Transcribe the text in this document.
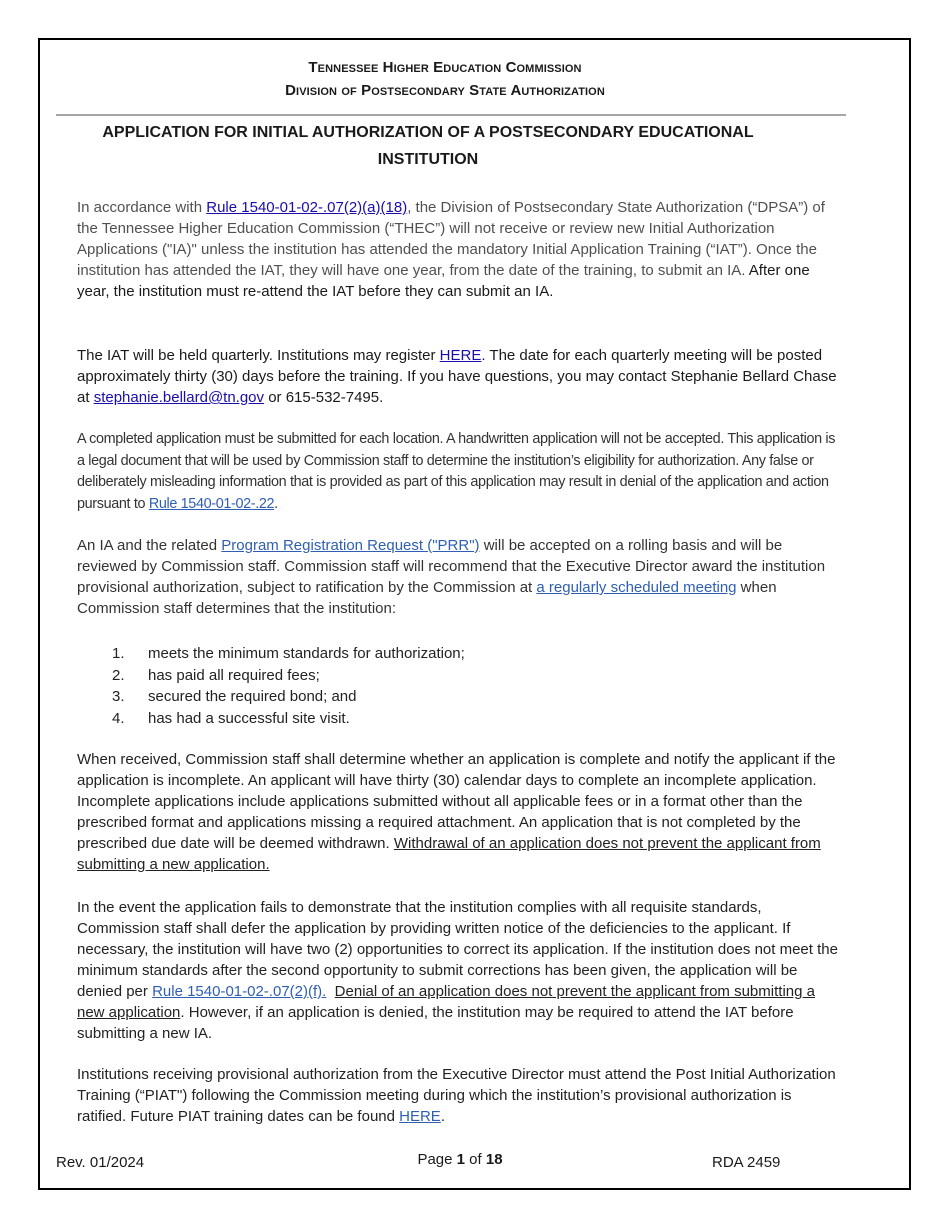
Tennessee Higher Education Commission
Division of Postsecondary State Authorization
APPLICATION FOR INITIAL AUTHORIZATION OF A POSTSECONDARY EDUCATIONAL INSTITUTION
In accordance with Rule 1540-01-02-.07(2)(a)(18), the Division of Postsecondary State Authorization (“DPSA”) of the Tennessee Higher Education Commission (“THEC”) will not receive or review new Initial Authorization Applications ("IA)" unless the institution has attended the mandatory Initial Application Training (“IAT”). Once the institution has attended the IAT, they will have one year, from the date of the training, to submit an IA. After one year, the institution must re-attend the IAT before they can submit an IA.
The IAT will be held quarterly. Institutions may register HERE. The date for each quarterly meeting will be posted approximately thirty (30) days before the training. If you have questions, you may contact Stephanie Bellard Chase at stephanie.bellard@tn.gov or 615-532-7495.
A completed application must be submitted for each location. A handwritten application will not be accepted. This application is a legal document that will be used by Commission staff to determine the institution’s eligibility for authorization. Any false or deliberately misleading information that is provided as part of this application may result in denial of the application and action pursuant to Rule 1540-01-02-.22.
An IA and the related Program Registration Request ("PRR") will be accepted on a rolling basis and will be reviewed by Commission staff. Commission staff will recommend that the Executive Director award the institution provisional authorization, subject to ratification by the Commission at a regularly scheduled meeting when Commission staff determines that the institution:
1.	meets the minimum standards for authorization;
2.	has paid all required fees;
3.	secured the required bond; and
4.	has had a successful site visit.
When received, Commission staff shall determine whether an application is complete and notify the applicant if the application is incomplete. An applicant will have thirty (30) calendar days to complete an incomplete application. Incomplete applications include applications submitted without all applicable fees or in a format other than the prescribed format and applications missing a required attachment. An application that is not completed by the prescribed due date will be deemed withdrawn. Withdrawal of an application does not prevent the applicant from submitting a new application.
In the event the application fails to demonstrate that the institution complies with all requisite standards, Commission staff shall defer the application by providing written notice of the deficiencies to the applicant. If necessary, the institution will have two (2) opportunities to correct its application. If the institution does not meet the minimum standards after the second opportunity to submit corrections has been given, the application will be denied per Rule 1540-01-02-.07(2)(f). Denial of an application does not prevent the applicant from submitting a new application. However, if an application is denied, the institution may be required to attend the IAT before submitting a new IA.
Institutions receiving provisional authorization from the Executive Director must attend the Post Initial Authorization Training (“PIAT") following the Commission meeting during which the institution’s provisional authorization is ratified. Future PIAT training dates can be found HERE.
Rev. 01/2024	Page 1 of 18	RDA 2459
